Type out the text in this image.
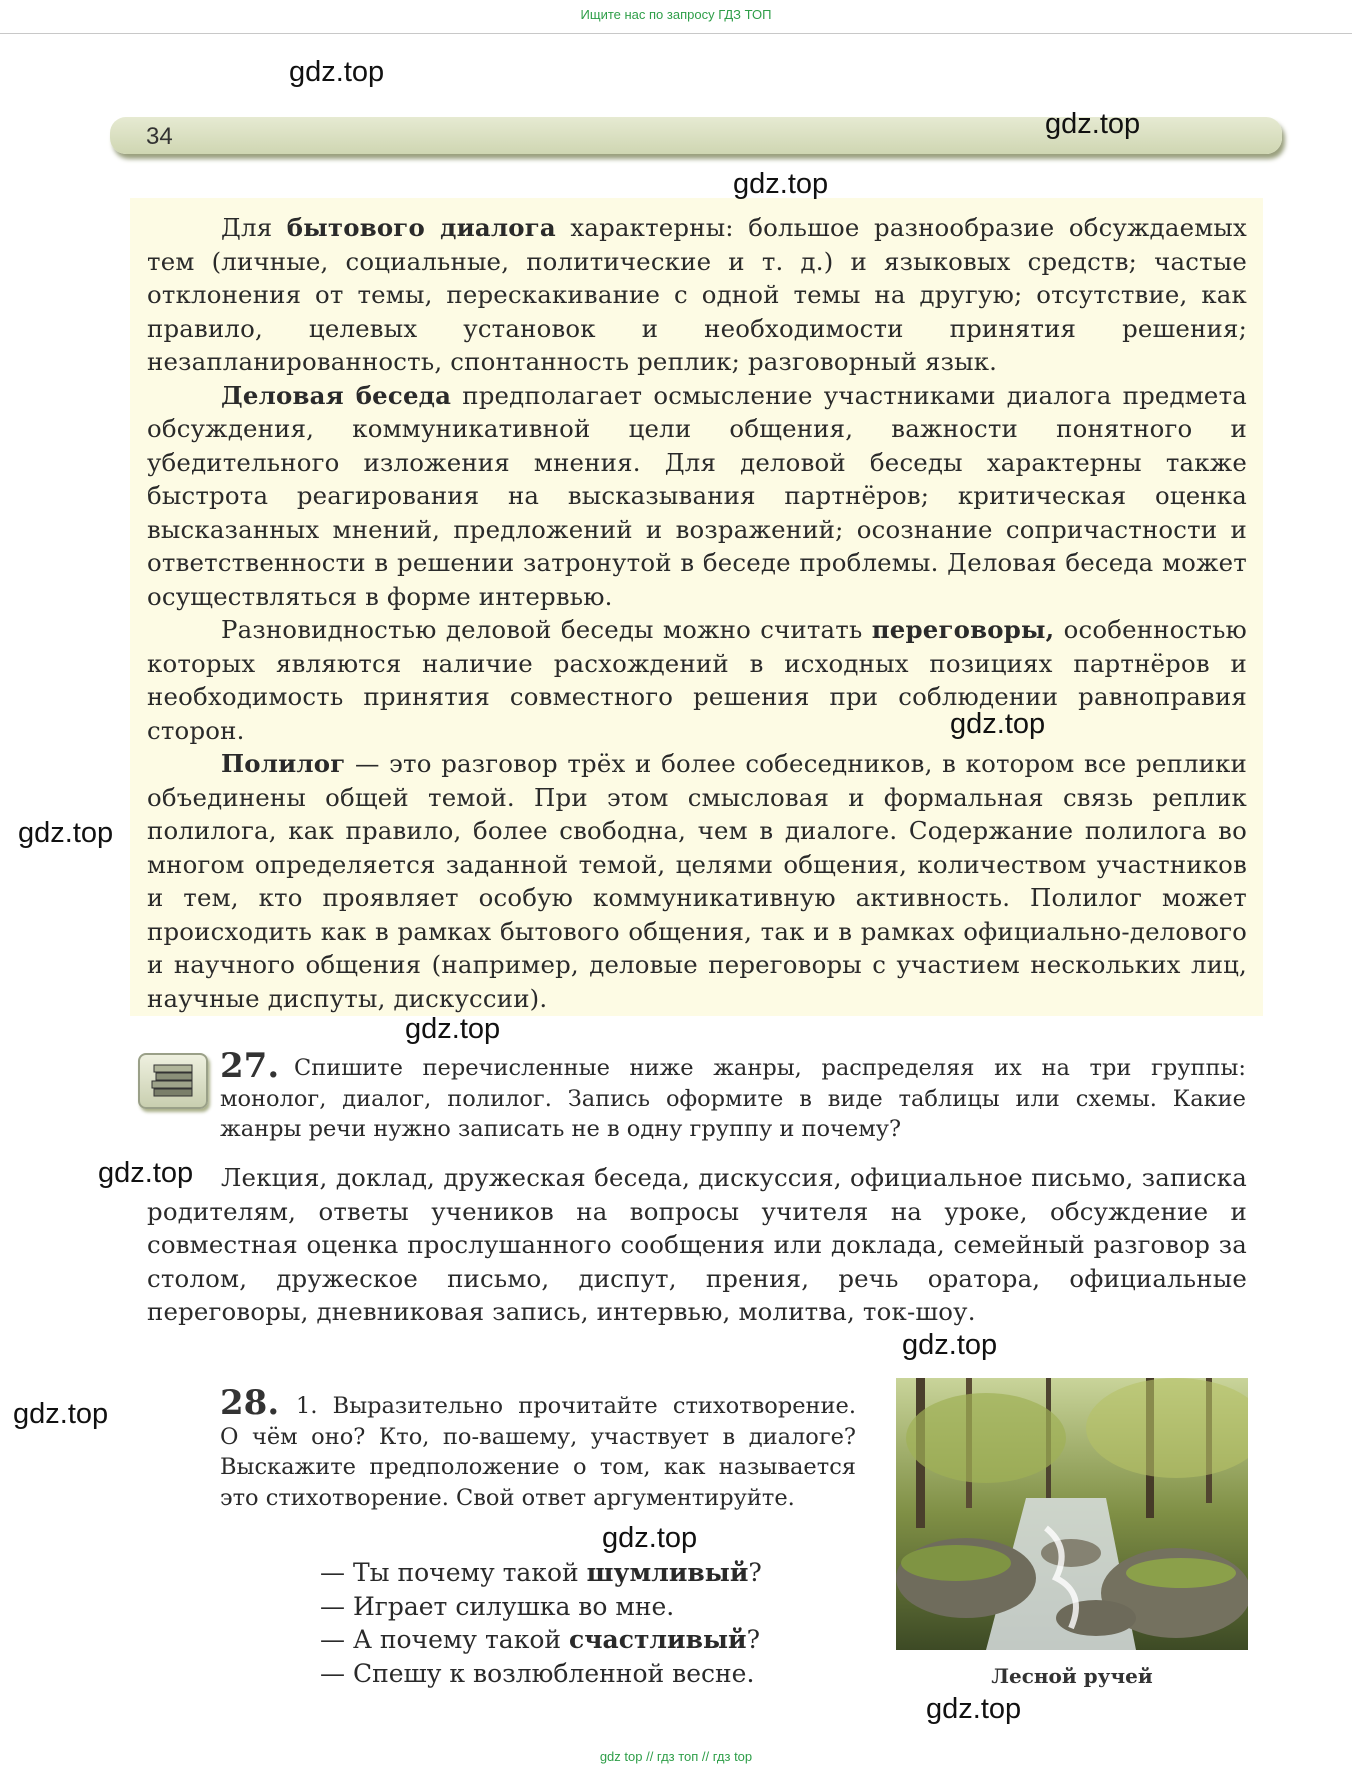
Ищите нас по запросу ГДЗ ТОП
gdz.top
gdz.top
gdz.top
gdz.top
gdz.top
gdz.top
gdz.top
gdz.top
gdz.top
gdz.top
gdz.top
34

Для бытового диалога характерны: большое разнообразие обсуждаемых тем (личные, социальные, политические и т. д.) и языковых средств; частые отклонения от темы, перескакивание с одной темы на другую; отсутствие, как правило, целевых установок и необходимости принятия решения; незапланированность, спонтанность реплик; разговорный язык.

Деловая беседа предполагает осмысление участниками диалога предмета обсуждения, коммуникативной цели общения, важности понятного и убедительного изложения мнения. Для деловой беседы характерны также быстрота реагирования на высказывания партнёров; критическая оценка высказанных мнений, предложений и возражений; осознание сопричастности и ответственности в решении затронутой в беседе проблемы. Деловая беседа может осуществляться в форме интервью.

Разновидностью деловой беседы можно считать переговоры, особенностью которых являются наличие расхождений в исходных позициях партнёров и необходимость принятия совместного решения при соблюдении равноправия сторон.

Полилог — это разговор трёх и более собеседников, в котором все реплики объединены общей темой. При этом смысловая и формальная связь реплик полилога, как правило, более свободна, чем в диалоге. Содержание полилога во многом определяется заданной темой, целями общения, количеством участников и тем, кто проявляет особую коммуникативную активность. Полилог может происходить как в рамках бытового общения, так и в рамках официально-делового и научного общения (например, деловые переговоры с участием нескольких лиц, научные диспуты, дискуссии).

27. Спишите перечисленные ниже жанры, распределяя их на три группы: монолог, диалог, полилог. Запись оформите в виде таблицы или схемы. Какие жанры речи нужно записать не в одну группу и почему?

Лекция, доклад, дружеская беседа, дискуссия, официальное письмо, записка родителям, ответы учеников на вопросы учителя на уроке, обсуждение и совместная оценка прослушанного сообщения или доклада, семейный разговор за столом, дружеское письмо, диспут, прения, речь оратора, официальные переговоры, дневниковая запись, интервью, молитва, ток-шоу.

28. 1. Выразительно прочитайте стихотворение. О чём оно? Кто, по-вашему, участвует в диалоге? Выскажите предположение о том, как называется это стихотворение. Свой ответ аргументируйте.
— Ты почему такой шумливый?
— Играет силушка во мне.
— А почему такой счастливый?
— Спешу к возлюбленной весне.	Лесной ручей
gdz top // гдз топ // гдз top
